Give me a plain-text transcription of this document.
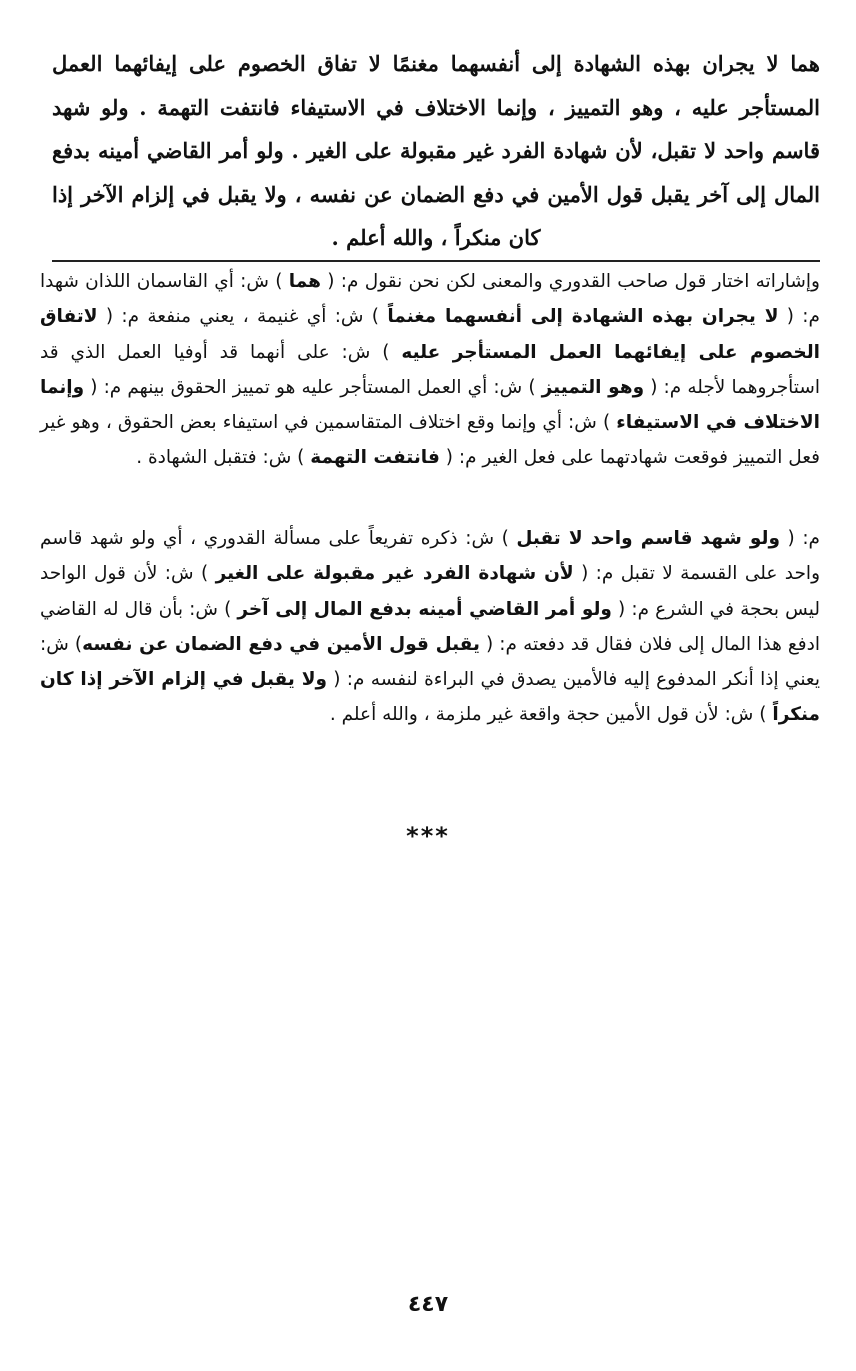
هما لا يجران بهذه الشهادة إلى أنفسهما مغنمًا لا تفاق الخصوم على إيفائهما العمل المستأجر عليه ، وهو التمييز ، وإنما الاختلاف في الاستيفاء فانتفت التهمة . ولو شهد قاسم واحد لا تقبل، لأن شهادة الفرد غير مقبولة على الغير . ولو أمر القاضي أمينه بدفع المال إلى آخر يقبل قول الأمين في دفع الضمان عن نفسه ، ولا يقبل في إلزام الآخر إذا كان منكراً ، والله أعلم .

وإشاراته اختار قول صاحب القدوري والمعنى لكن نحن نقول م: ( هما ) ش: أي القاسمان اللذان شهدا م: ( لا يجران بهذه الشهادة إلى أنفسهما مغنماً ) ش: أي غنيمة ، يعني منفعة م: ( لاتفاق الخصوم على إيفائهما العمل المستأجر عليه ) ش: على أنهما قد أوفيا العمل الذي قد استأجروهما لأجله م: ( وهو التمييز ) ش: أي العمل المستأجر عليه هو تمييز الحقوق بينهم م: ( وإنما الاختلاف في الاستيفاء ) ش: أي وإنما وقع اختلاف المتقاسمين في استيفاء بعض الحقوق ، وهو غير فعل التمييز فوقعت شهادتهما على فعل الغير م: ( فانتفت التهمة ) ش: فتقبل الشهادة .

م: ( ولو شهد قاسم واحد لا تقبل ) ش: ذكره تفريعاً على مسألة القدوري ، أي ولو شهد قاسم واحد على القسمة لا تقبل م: ( لأن شهادة الفرد غير مقبولة على الغير ) ش: لأن قول الواحد ليس بحجة في الشرع م: ( ولو أمر القاضي أمينه بدفع المال إلى آخر ) ش: بأن قال له القاضي ادفع هذا المال إلى فلان فقال قد دفعته م: ( يقبل قول الأمين في دفع الضمان عن نفسه) ش: يعني إذا أنكر المدفوع إليه فالأمين يصدق في البراءة لنفسه م: ( ولا يقبل في إلزام الآخر إذا كان منكراً ) ش: لأن قول الأمين حجة واقعة غير ملزمة ، والله أعلم .

***
٤٤٧
